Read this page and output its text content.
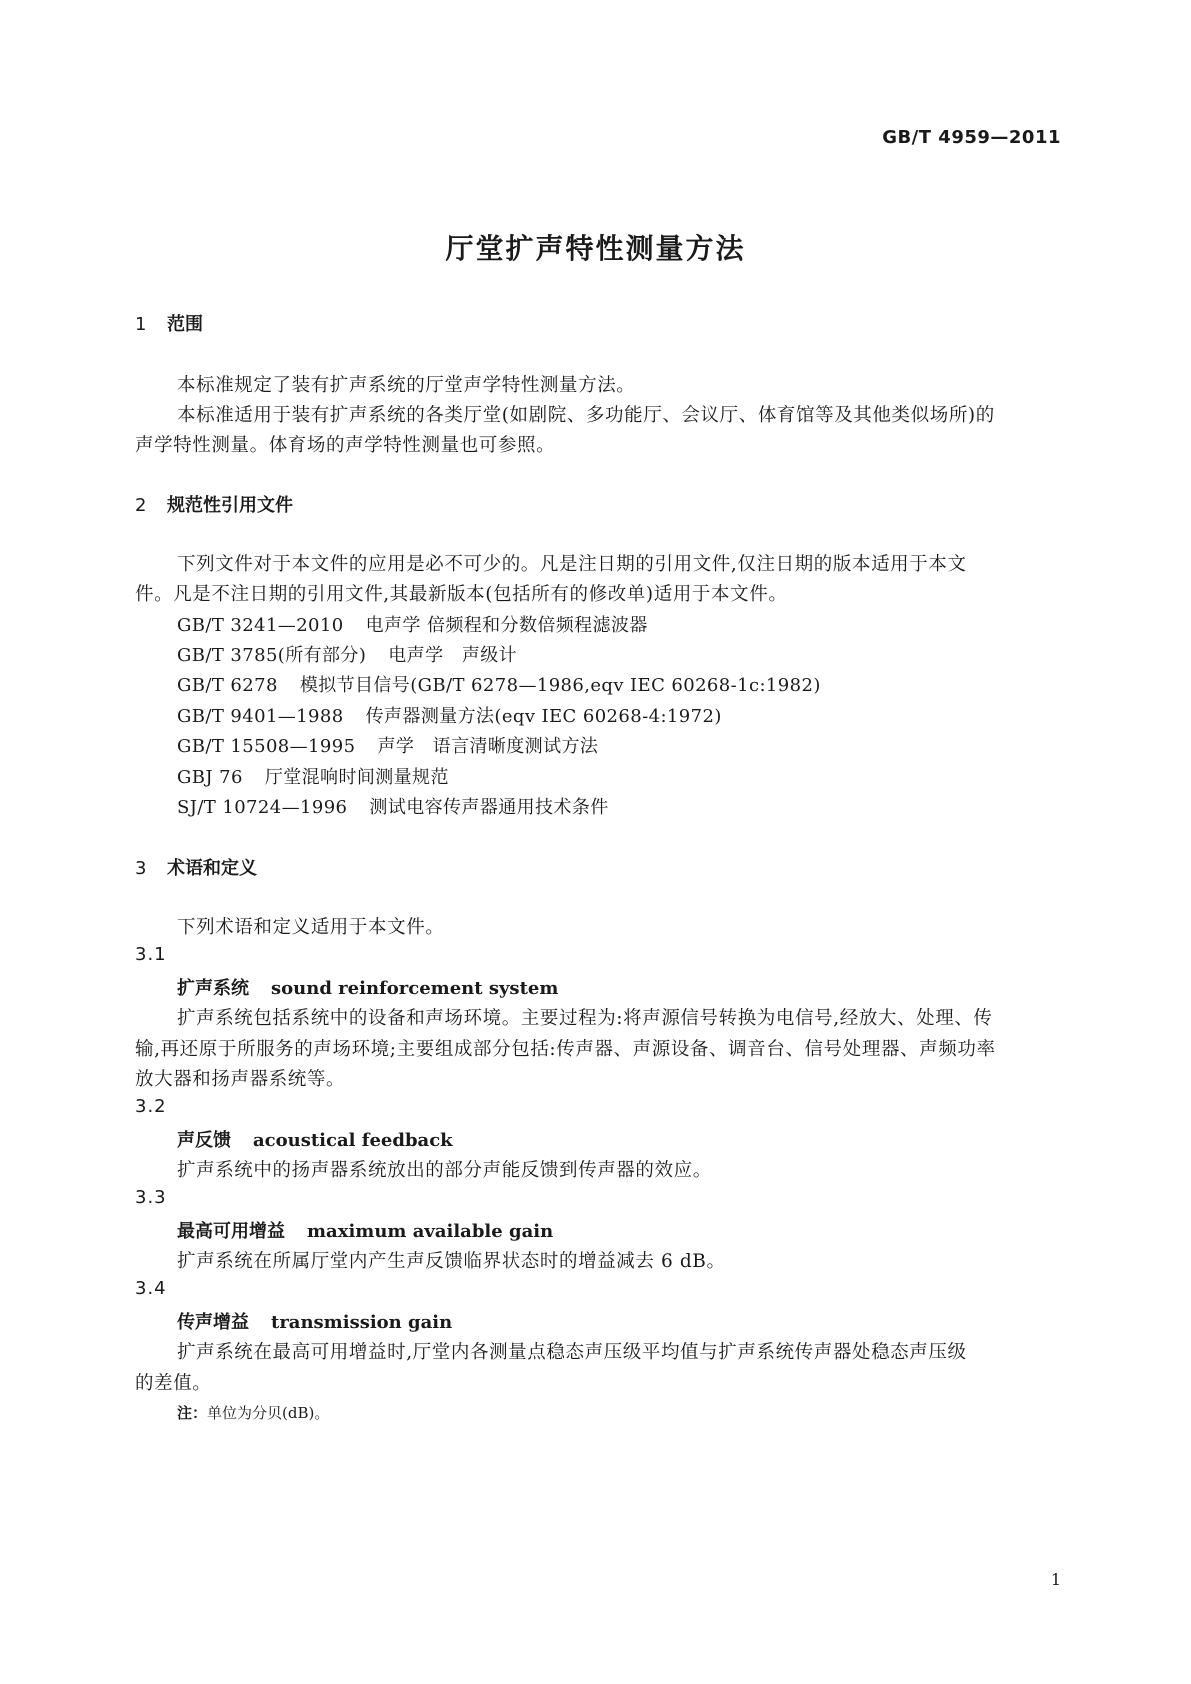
GB/T 4959—2011
厅堂扩声特性测量方法
1 范围
本标准规定了装有扩声系统的厅堂声学特性测量方法。
本标准适用于装有扩声系统的各类厅堂(如剧院、多功能厅、会议厅、体育馆等及其他类似场所)的
声学特性测量。体育场的声学特性测量也可参照。
2 规范性引用文件
下列文件对于本文件的应用是必不可少的。凡是注日期的引用文件,仅注日期的版本适用于本文
件。凡是不注日期的引用文件,其最新版本(包括所有的修改单)适用于本文件。
GB/T 3241—2010 电声学 倍频程和分数倍频程滤波器
GB/T 3785(所有部分) 电声学　声级计
GB/T 6278 模拟节目信号(GB/T 6278—1986,eqv IEC 60268-1c:1982)
GB/T 9401—1988 传声器测量方法(eqv IEC 60268-4:1972)
GB/T 15508—1995 声学　语言清晰度测试方法
GBJ 76 厅堂混响时间测量规范
SJ/T 10724—1996 测试电容传声器通用技术条件
3 术语和定义
下列术语和定义适用于本文件。
3.1
扩声系统 sound reinforcement system
扩声系统包括系统中的设备和声场环境。主要过程为:将声源信号转换为电信号,经放大、处理、传
输,再还原于所服务的声场环境;主要组成部分包括:传声器、声源设备、调音台、信号处理器、声频功率
放大器和扬声器系统等。
3.2
声反馈 acoustical feedback
扩声系统中的扬声器系统放出的部分声能反馈到传声器的效应。
3.3
最高可用增益 maximum available gain
扩声系统在所属厅堂内产生声反馈临界状态时的增益减去 6 dB。
3.4
传声增益 transmission gain
扩声系统在最高可用增益时,厅堂内各测量点稳态声压级平均值与扩声系统传声器处稳态声压级
的差值。
注：单位为分贝(dB)。
1
